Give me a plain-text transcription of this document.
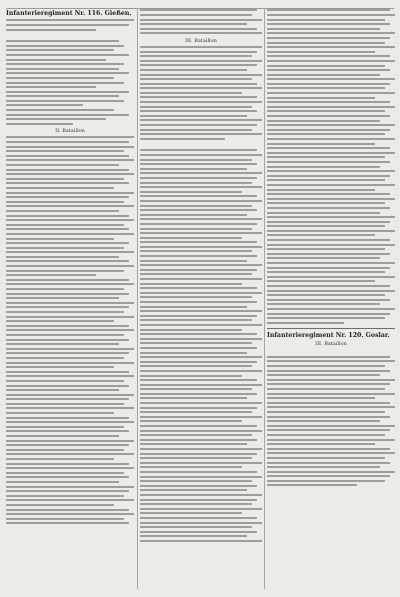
Infanterieregiment Nr. 116. Gießen.

II. Bataillon
III. Bataillon

Infanterieregiment Nr. 120. Goslar.
III. Bataillon
